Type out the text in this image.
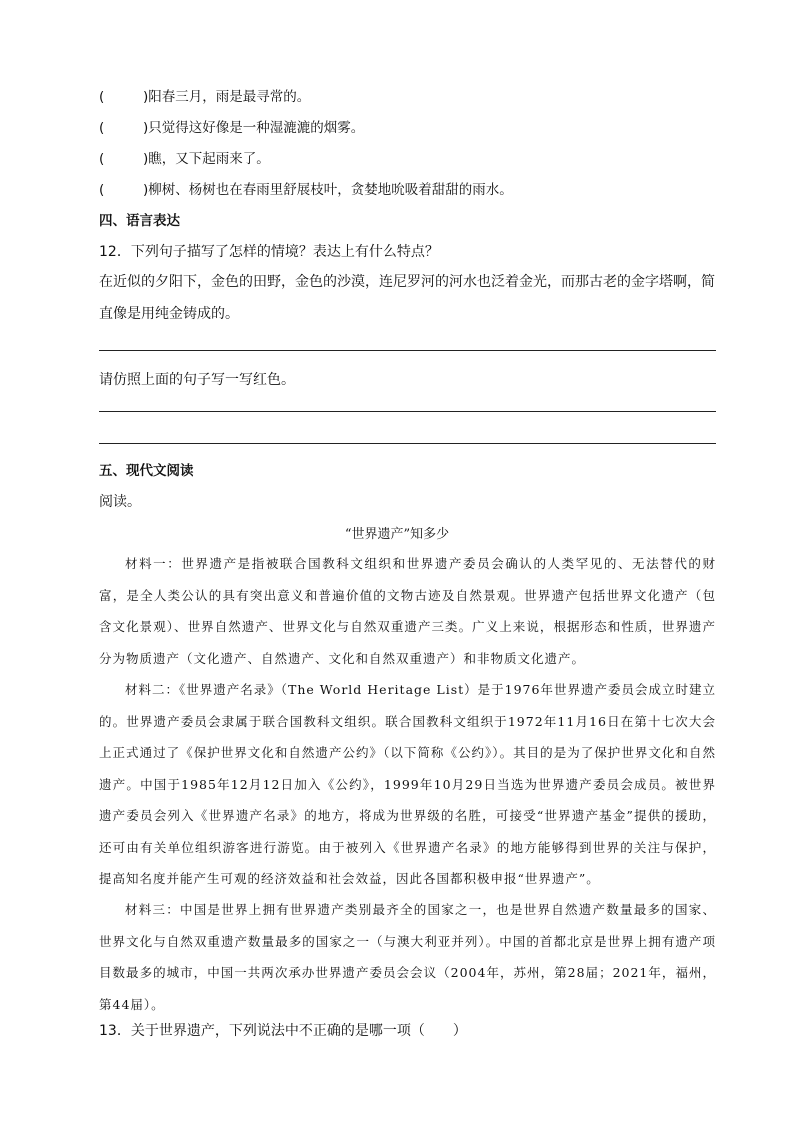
(	)阳春三月，雨是最寻常的。
(	)只觉得这好像是一种湿漉漉的烟雾。
(	)瞧，又下起雨来了。
(	)柳树、杨树也在春雨里舒展枝叶，贪婪地吮吸着甜甜的雨水。
四、语言表达
12．下列句子描写了怎样的情境？表达上有什么特点？
在近似的夕阳下，金色的田野，金色的沙漠，连尼罗河的河水也泛着金光，而那古老的金字塔啊，简
直像是用纯金铸成的。
请仿照上面的句子写一写红色。
五、现代文阅读
阅读。
“世界遗产”知多少
材料一：世界遗产是指被联合国教科文组织和世界遗产委员会确认的人类罕见的、无法替代的财富，是全人类公认的具有突出意义和普遍价值的文物古迹及自然景观。世界遗产包括世界文化遗产（包含文化景观）、世界自然遗产、世界文化与自然双重遗产三类。广义上来说，根据形态和性质，世界遗产分为物质遗产（文化遗产、自然遗产、文化和自然双重遗产）和非物质文化遗产。
材料二：《世界遗产名录》（The World Heritage List）是于1976年世界遗产委员会成立时建立的。世界遗产委员会隶属于联合国教科文组织。联合国教科文组织于1972年11月16日在第十七次大会上正式通过了《保护世界文化和自然遗产公约》（以下简称《公约》）。其目的是为了保护世界文化和自然遗产。中国于1985年12月12日加入《公约》，1999年10月29日当选为世界遗产委员会成员。被世界遗产委员会列入《世界遗产名录》的地方，将成为世界级的名胜，可接受“世界遗产基金”提供的援助，还可由有关单位组织游客进行游览。由于被列入《世界遗产名录》的地方能够得到世界的关注与保护，提高知名度并能产生可观的经济效益和社会效益，因此各国都积极申报“世界遗产”。
材料三：中国是世界上拥有世界遗产类别最齐全的国家之一，也是世界自然遗产数量最多的国家、世界文化与自然双重遗产数量最多的国家之一（与澳大利亚并列）。中国的首都北京是世界上拥有遗产项目数最多的城市，中国一共两次承办世界遗产委员会会议（2004年，苏州，第28届；2021年，福州，第44届）。
13．关于世界遗产，下列说法中不正确的是哪一项（　　）
